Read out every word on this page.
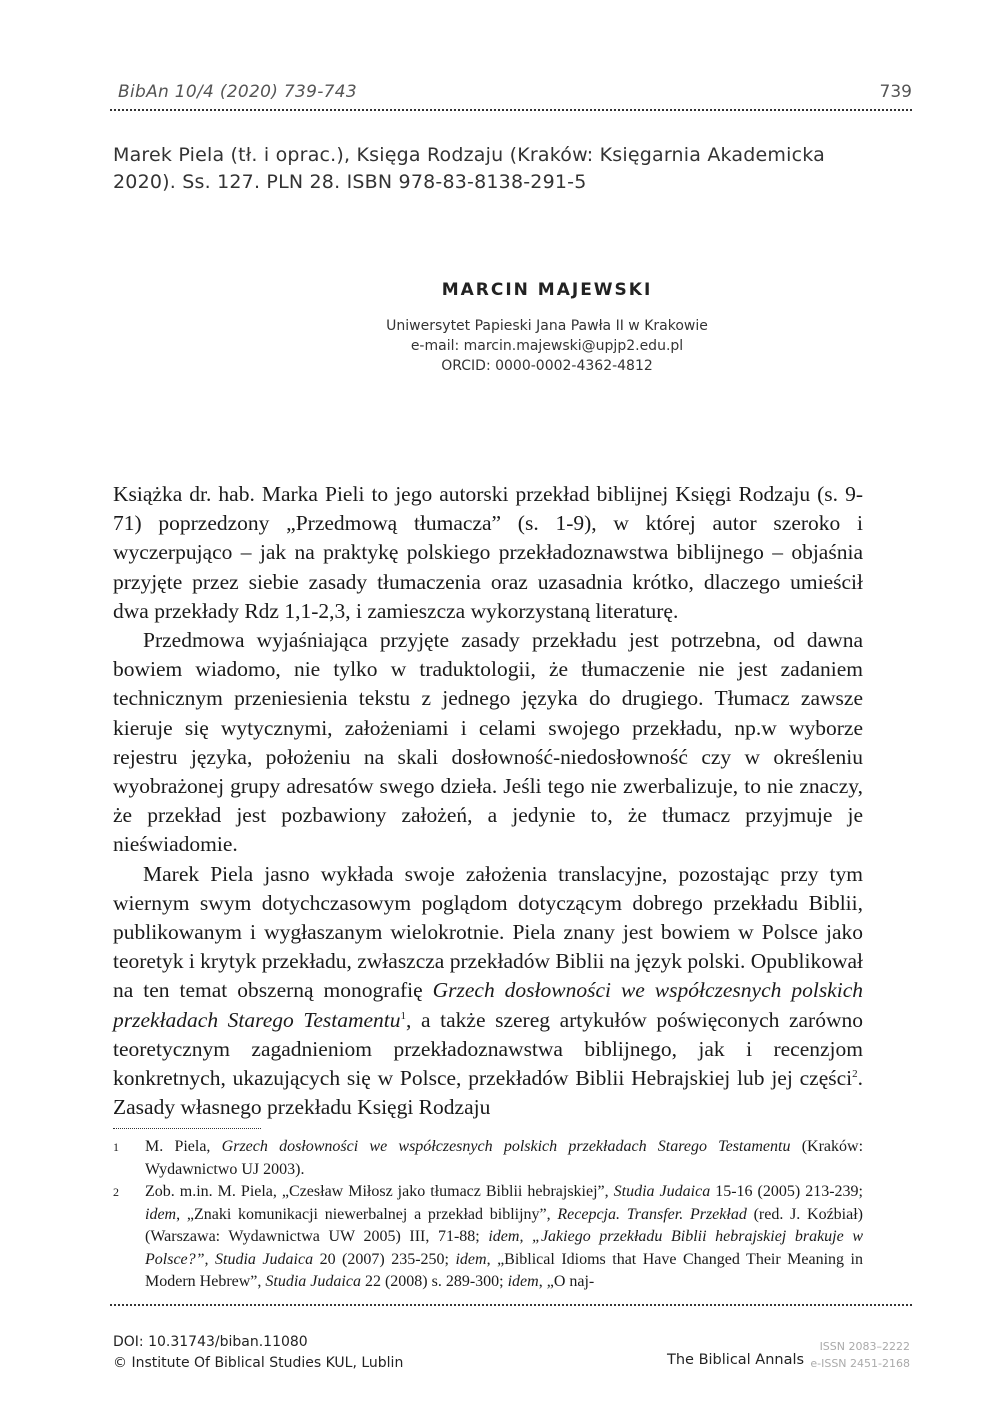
BibAn 10/4 (2020) 739-743	739
Marek Piela (tł. i oprac.), Księga Rodzaju (Kraków: Księgarnia Akademicka
2020). Ss. 127. PLN 28. ISBN 978-83-8138-291-5
MARCIN MAJEWSKI
Uniwersytet Papieski Jana Pawła II w Krakowie
e-mail: marcin.majewski@upjp2.edu.pl
ORCID: 0000-0002-4362-4812

Książka dr. hab. Marka Pieli to jego autorski przekład biblijnej Księgi Rodzaju (s. 9-71) poprzedzony „Przedmową tłumacza” (s. 1-9), w której autor szeroko i wyczerpująco – jak na praktykę polskiego przekładoznawstwa biblijnego – objaśnia przyjęte przez siebie zasady tłumaczenia oraz uzasadnia krótko, dlaczego umieścił dwa przekłady Rdz 1,1-2,3, i zamieszcza wykorzystaną literaturę.

Przedmowa wyjaśniająca przyjęte zasady przekładu jest potrzebna, od dawna bowiem wiadomo, nie tylko w traduktologii, że tłumaczenie nie jest zadaniem technicznym przeniesienia tekstu z jednego języka do drugiego. Tłumacz zawsze kieruje się wytycznymi, założeniami i celami swojego przekładu, np.w wyborze rejestru języka, położeniu na skali dosłowność-niedosłowność czy w określeniu wyobrażonej grupy adresatów swego dzieła. Jeśli tego nie zwerbalizuje, to nie znaczy, że przekład jest pozbawiony założeń, a jedynie to, że tłumacz przyjmuje je nieświadomie.

Marek Piela jasno wykłada swoje założenia translacyjne, pozostając przy tym wiernym swym dotychczasowym poglądom dotyczącym dobrego przekładu Biblii, publikowanym i wygłaszanym wielokrotnie. Piela znany jest bowiem w Polsce jako teoretyk i krytyk przekładu, zwłaszcza przekładów Biblii na język polski. Opublikował na ten temat obszerną monografię Grzech dosłowności we współczesnych polskich przekładach Starego Testamentu$^1$, a także szereg artykułów poświęconych zarówno teoretycznym zagadnieniom przekładoznawstwa biblijnego, jak i recenzjom konkretnych, ukazujących się w Polsce, przekładów Biblii Hebrajskiej lub jej części$^2$. Zasady własnego przekładu Księgi Rodzaju

1 M. Piela, Grzech dosłowności we współczesnych polskich przekładach Starego Testamentu (Kraków: Wydawnictwo UJ 2003).
2 Zob. m.in. M. Piela, „Czesław Miłosz jako tłumacz Biblii hebrajskiej”, Studia Judaica 15-16 (2005) 213-239; idem, „Znaki komunikacji niewerbalnej a przekład biblijny”, Recepcja. Transfer. Przekład (red. J. Koźbiał) (Warszawa: Wydawnictwa UW 2005) III, 71-88; idem, „Jakiego przekładu Biblii hebrajskiej brakuje w Polsce?”, Studia Judaica 20 (2007) 235-250; idem, „Biblical Idioms that Have Changed Their Meaning in Modern Hebrew”, Studia Judaica 22 (2008) s. 289-300; idem, „O naj-
DOI: 10.31743/biban.11080
© Institute Of Biblical Studies KUL, Lublin	The Biblical Annals
ISSN 2083–2222
e-ISSN 2451-2168
